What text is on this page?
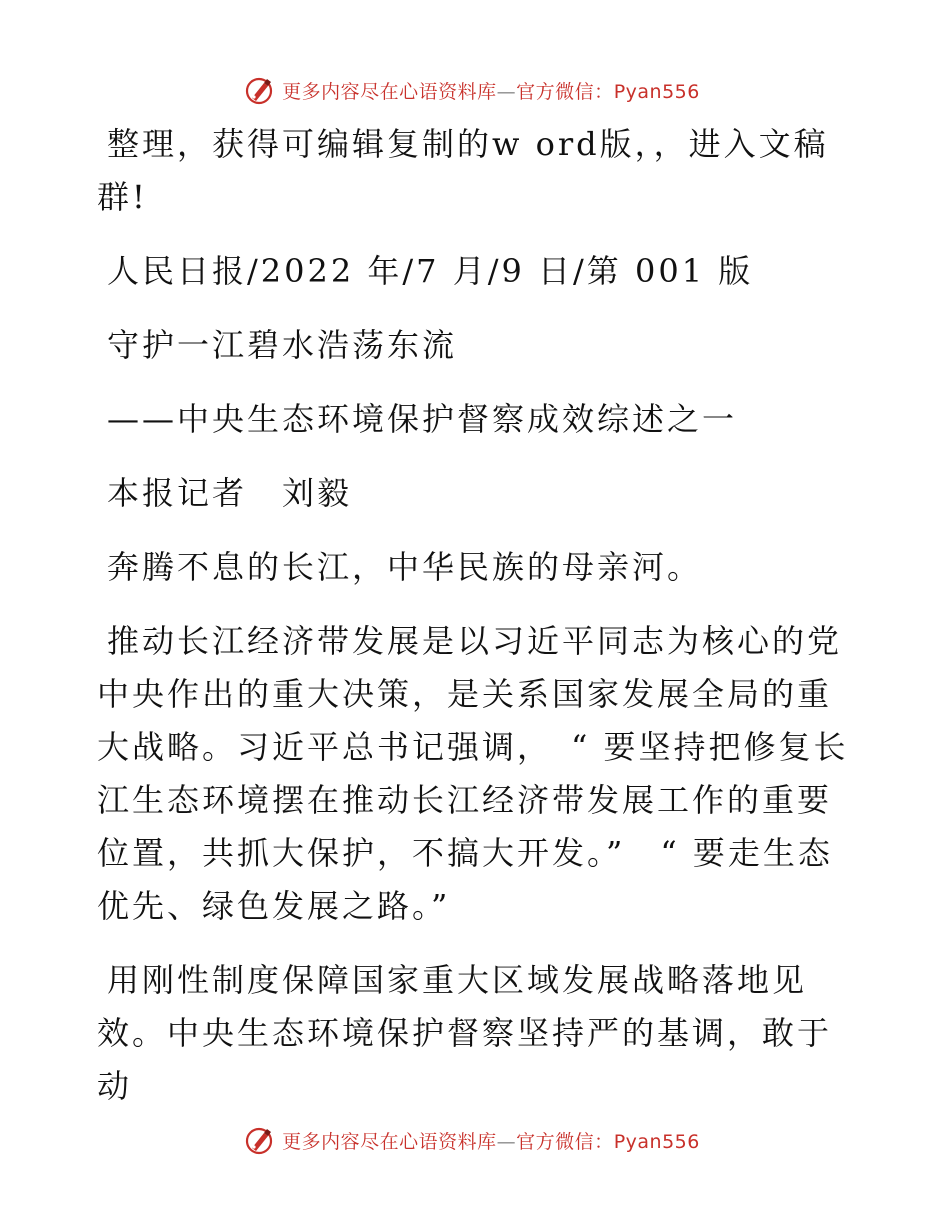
更多内容尽在心语资料库—官方微信：Pyan556

整理，获得可编辑复制的w ord版，，进入文稿群!

人民日报/2022 年/7 月/9 日/第 001 版

守护一江碧水浩荡东流

——中央生态环境保护督察成效综述之一

本报记者　刘毅

奔腾不息的长江，中华民族的母亲河。

推动长江经济带发展是以习近平同志为核心的党中央作出的重大决策，是关系国家发展全局的重大战略。习近平总书记强调，　“ 要坚持把修复长江生态环境摆在推动长江经济带发展工作的重要位置，共抓大保护，不搞大开发。”　“ 要走生态优先、绿色发展之路。”

用刚性制度保障国家重大区域发展战略落地见效。中央生态环境保护督察坚持严的基调，敢于动

更多内容尽在心语资料库—官方微信：Pyan556
